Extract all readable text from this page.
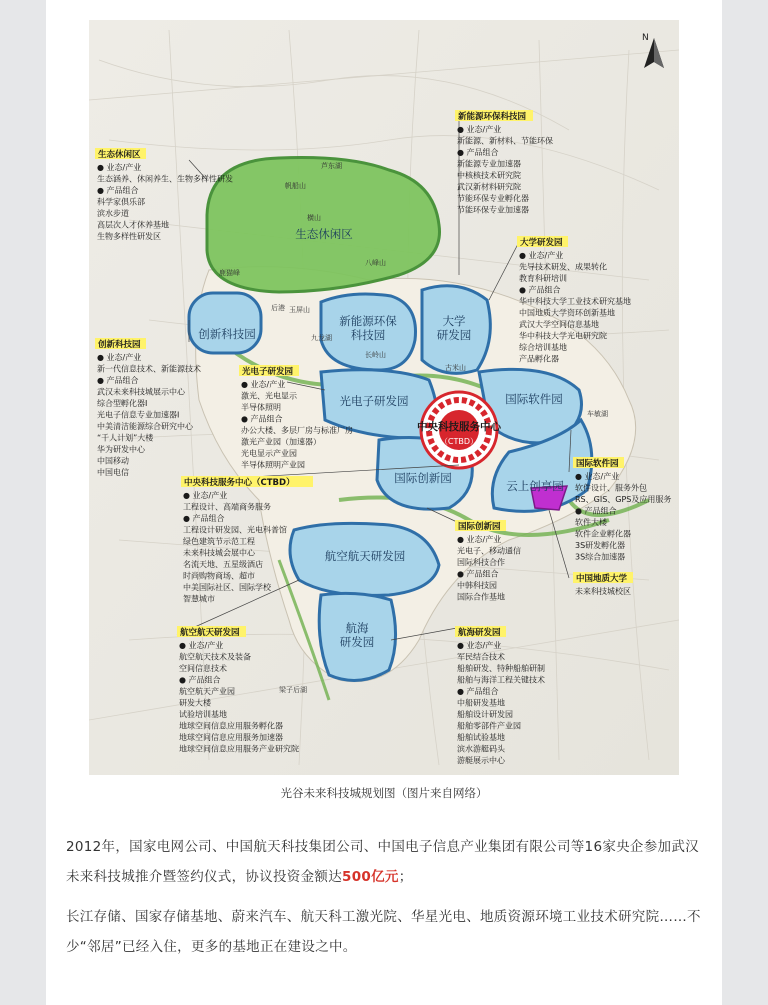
生态休闲区
创新科技园
新能源环保科技园
大学研发园
光电子研发园	国际软件园
国际创新园
云上创享园
航空航天研发园
航海研发园
中央科技服务中心
（CTBD）
芦东湖
帆船山
横山
八峰山
鹿猫峰
后港
九龙湖
玉屏山
长岭山
古米山
车敏湖
梁子后湖
N
生态休闲区
● 业态/产业
生态涵养、休闲养生、生物多样性研发
● 产品组合
科学家俱乐部
滨水步道
高层次人才休养基地
生物多样性研发区
新能源环保科技园
● 业态/产业
新能源、新材料、节能环保
● 产品组合
新能源专业加速器
中核核技术研究院
武汉新材料研究院
节能环保专业孵化器
节能环保专业加速器
大学研发园
● 业态/产业
先导技术研发、成果转化
教育科研培训
● 产品组合
华中科技大学工业技术研究基地
中国地质大学资环创新基地
武汉大学空间信息基地
华中科技大学光电研究院
综合培训基地
产品孵化器
创新科技园
● 业态/产业
新一代信息技术、新能源技术
● 产品组合
武汉未来科技城展示中心
综合型孵化器Ⅰ
光电子信息专业加速器Ⅰ
中美清洁能源综合研究中心
“千人计划”大楼
华为研发中心
中国移动
中国电信
光电子研发园
● 业态/产业
激光、光电显示
半导体照明
● 产品组合
办公大楼、多层厂房与标准厂房
激光产业园（加速器）
光电显示产业园
半导体照明产业园
中央科技服务中心（CTBD）
● 业态/产业
工程设计、高端商务服务
● 产品组合
工程设计研发园、光电科普馆
绿色建筑节示范工程
未来科技城会展中心
名流天地、五星级酒店
时尚购物商场、超市
中美国际社区、国际学校
智慧城市
国际软件园
● 业态/产业
软件设计、服务外包
RS、GIS、GPS及应用服务
● 产品组合
软件大楼
软件企业孵化器
3S研发孵化器
3S综合加速器
中国地质大学
未来科技城校区
国际创新园
● 业态/产业
光电子、移动通信
国际科技合作
● 产品组合
中韩科技园
国际合作基地
航空航天研发园
● 业态/产业
航空航天技术及装备
空间信息技术
● 产品组合
航空航天产业园
研发大楼
试验培训基地
地球空间信息应用服务孵化器
地球空间信息应用服务加速器
地球空间信息应用服务产业研究院
航海研发园
● 业态/产业
军民结合技术
船舶研发、特种船舶研制
船舶与海洋工程关键技术
● 产品组合
中船研发基地
船舶设计研发园
船舶零部件产业园
船舶试验基地
滨水游艇码头
游艇展示中心
光谷未来科技城规划图（图片来自网络）
2012年，国家电网公司、中国航天科技集团公司、中国电子信息产业集团有限公司等16家央企参加武汉未来科技城推介暨签约仪式，协议投资金额达500亿元；
长江存储、国家存储基地、蔚来汽车、航天科工激光院、华星光电、地质资源环境工业技术研究院……不少“邻居”已经入住，更多的基地正在建设之中。
